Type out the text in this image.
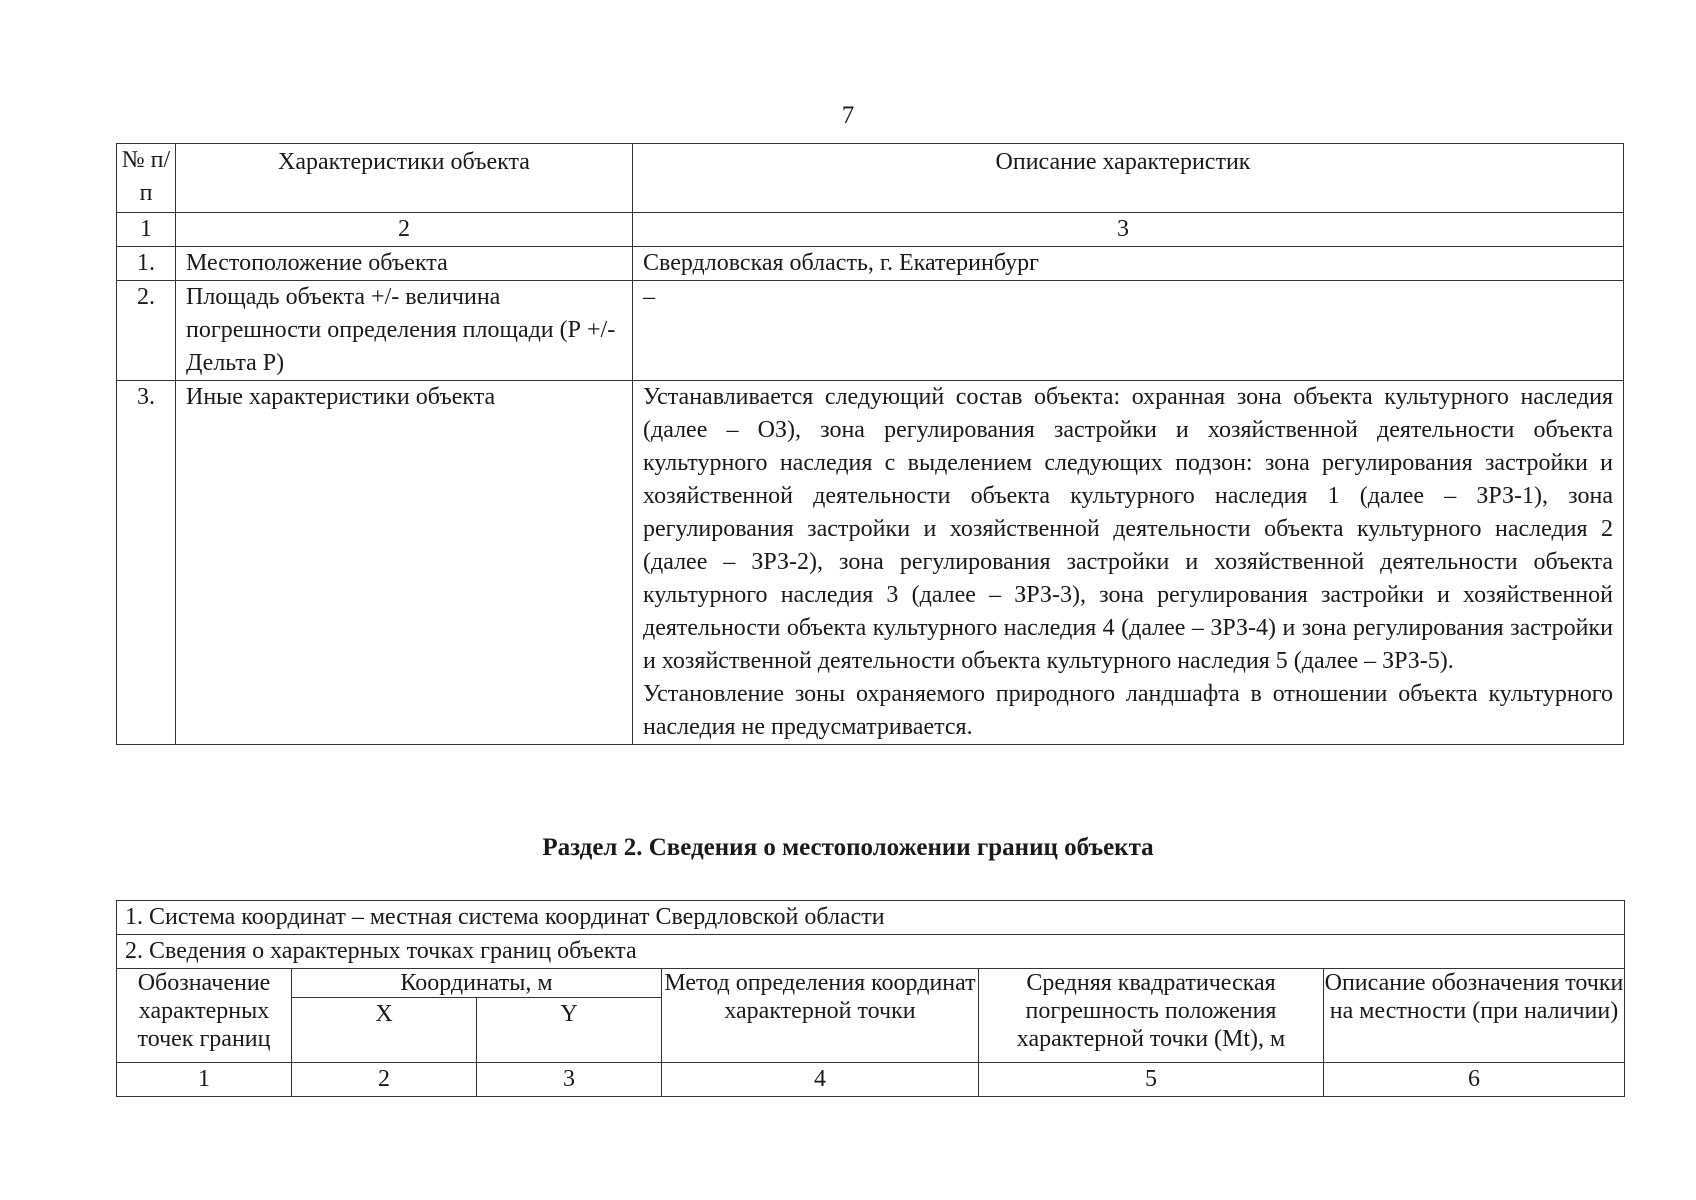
7
№ п/п	Характеристики объекта	Описание характеристик
1	2	3
1.	Местоположение объекта	Свердловская область, г. Екатеринбург
2.	Площадь объекта +/- величина погрешности определения площади (Р +/- Дельта Р)	–
3.	Иные характеристики объекта	Устанавливается следующий состав объекта: охранная зона объекта культурного наследия (далее – ОЗ), зона регулирования застройки и хозяйственной деятельности объекта культурного наследия с выделением следующих подзон: зона регулирования застройки и хозяйственной деятельности объекта культурного наследия 1 (далее – ЗРЗ-1), зона регулирования застройки и хозяйственной деятельности объекта культурного наследия 2 (далее – ЗРЗ-2), зона регулирования застройки и хозяйственной деятельности объекта культурного наследия 3 (далее – ЗРЗ-3), зона регулирования застройки и хозяйственной деятельности объекта культурного наследия 4 (далее – ЗРЗ-4) и зона регулирования застройки и хозяйственной деятельности объекта культурного наследия 5 (далее – ЗРЗ-5).

Установление зоны охраняемого природного ландшафта в отношении объекта культурного наследия не предусматривается.

Раздел 2. Сведения о местоположении границ объекта
1. Система координат – местная система координат Свердловской области					
2. Сведения о характерных точках границ объекта					
Обозначение характерных точек границ	Координаты, м		Метод определения координат характерной точки	Средняя квадратическая погрешность положения характерной точки (Mt), м	Описание обозначения точки на местности (при наличии)
	X	Y			
1	2	3	4	5	6
